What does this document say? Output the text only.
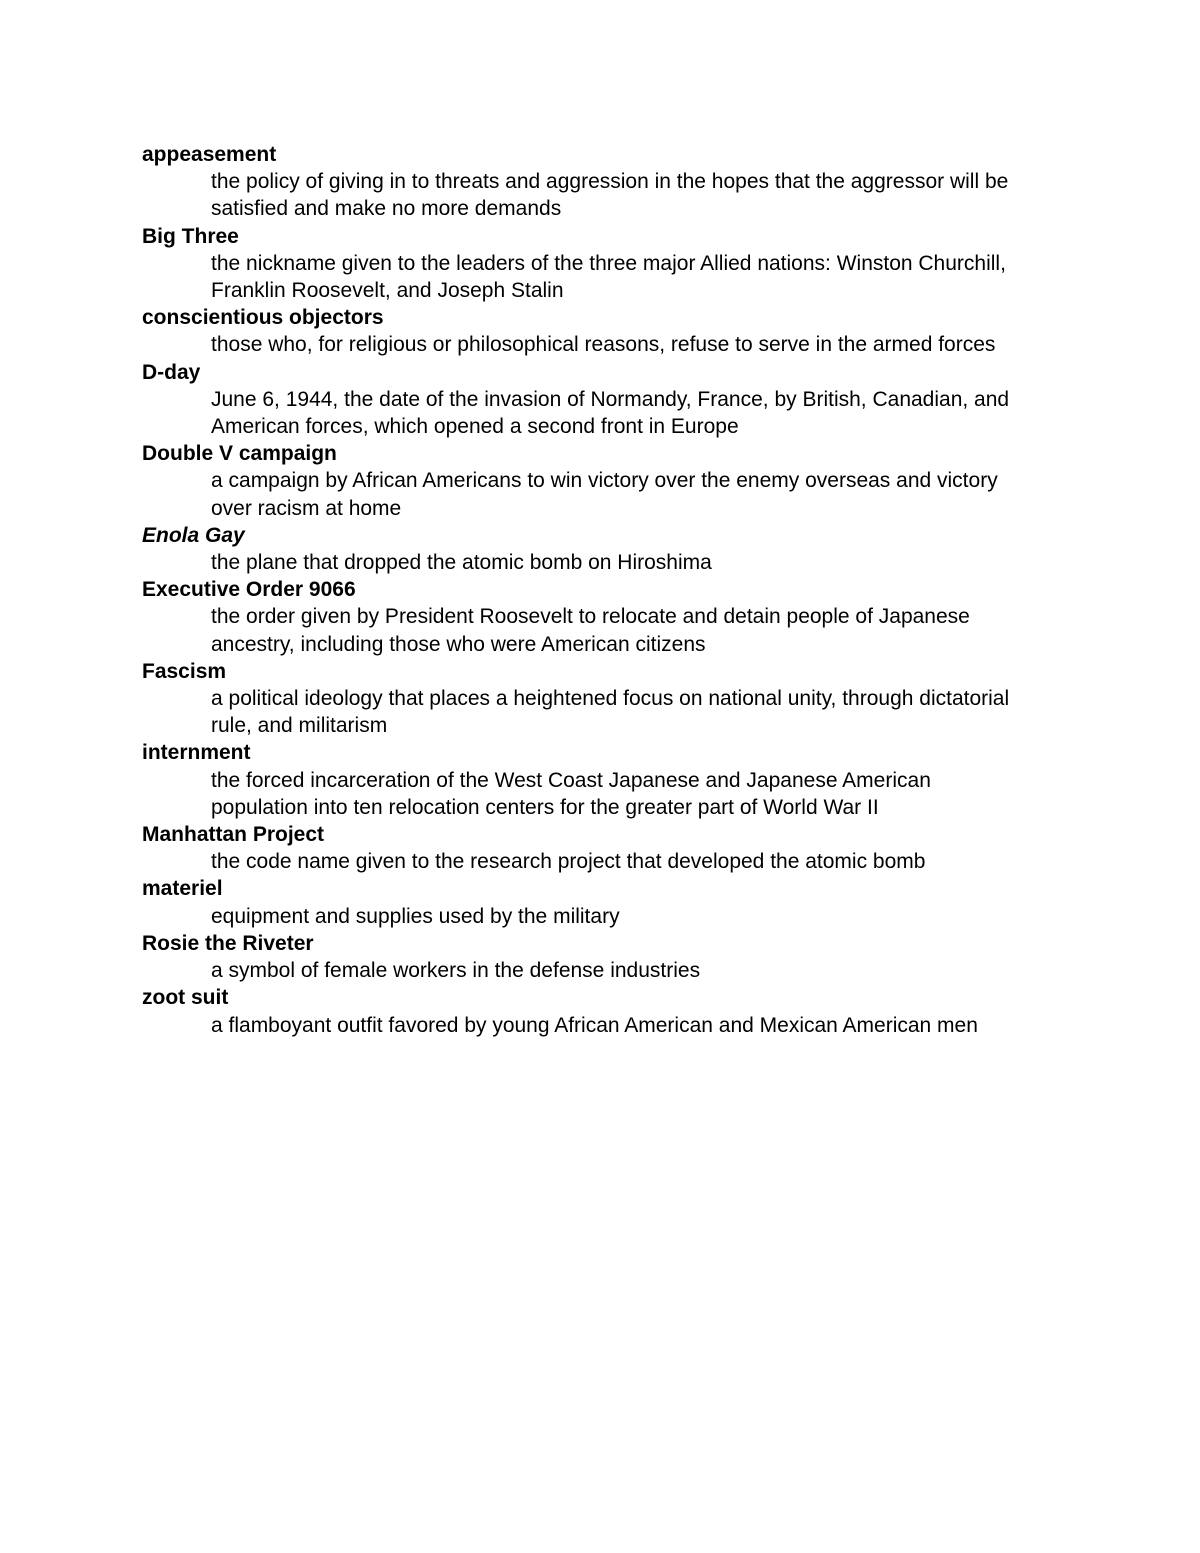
appeasement
the policy of giving in to threats and aggression in the hopes that the aggressor will be satisfied and make no more demands
Big Three
the nickname given to the leaders of the three major Allied nations: Winston Churchill, Franklin Roosevelt, and Joseph Stalin
conscientious objectors
those who, for religious or philosophical reasons, refuse to serve in the armed forces
D-day
June 6, 1944, the date of the invasion of Normandy, France, by British, Canadian, and American forces, which opened a second front in Europe
Double V campaign
a campaign by African Americans to win victory over the enemy overseas and victory over racism at home
Enola Gay
the plane that dropped the atomic bomb on Hiroshima
Executive Order 9066
the order given by President Roosevelt to relocate and detain people of Japanese ancestry, including those who were American citizens
Fascism
a political ideology that places a heightened focus on national unity, through dictatorial rule, and militarism
internment
the forced incarceration of the West Coast Japanese and Japanese American population into ten relocation centers for the greater part of World War II
Manhattan Project
the code name given to the research project that developed the atomic bomb
materiel
equipment and supplies used by the military
Rosie the Riveter
a symbol of female workers in the defense industries
zoot suit
a flamboyant outfit favored by young African American and Mexican American men
